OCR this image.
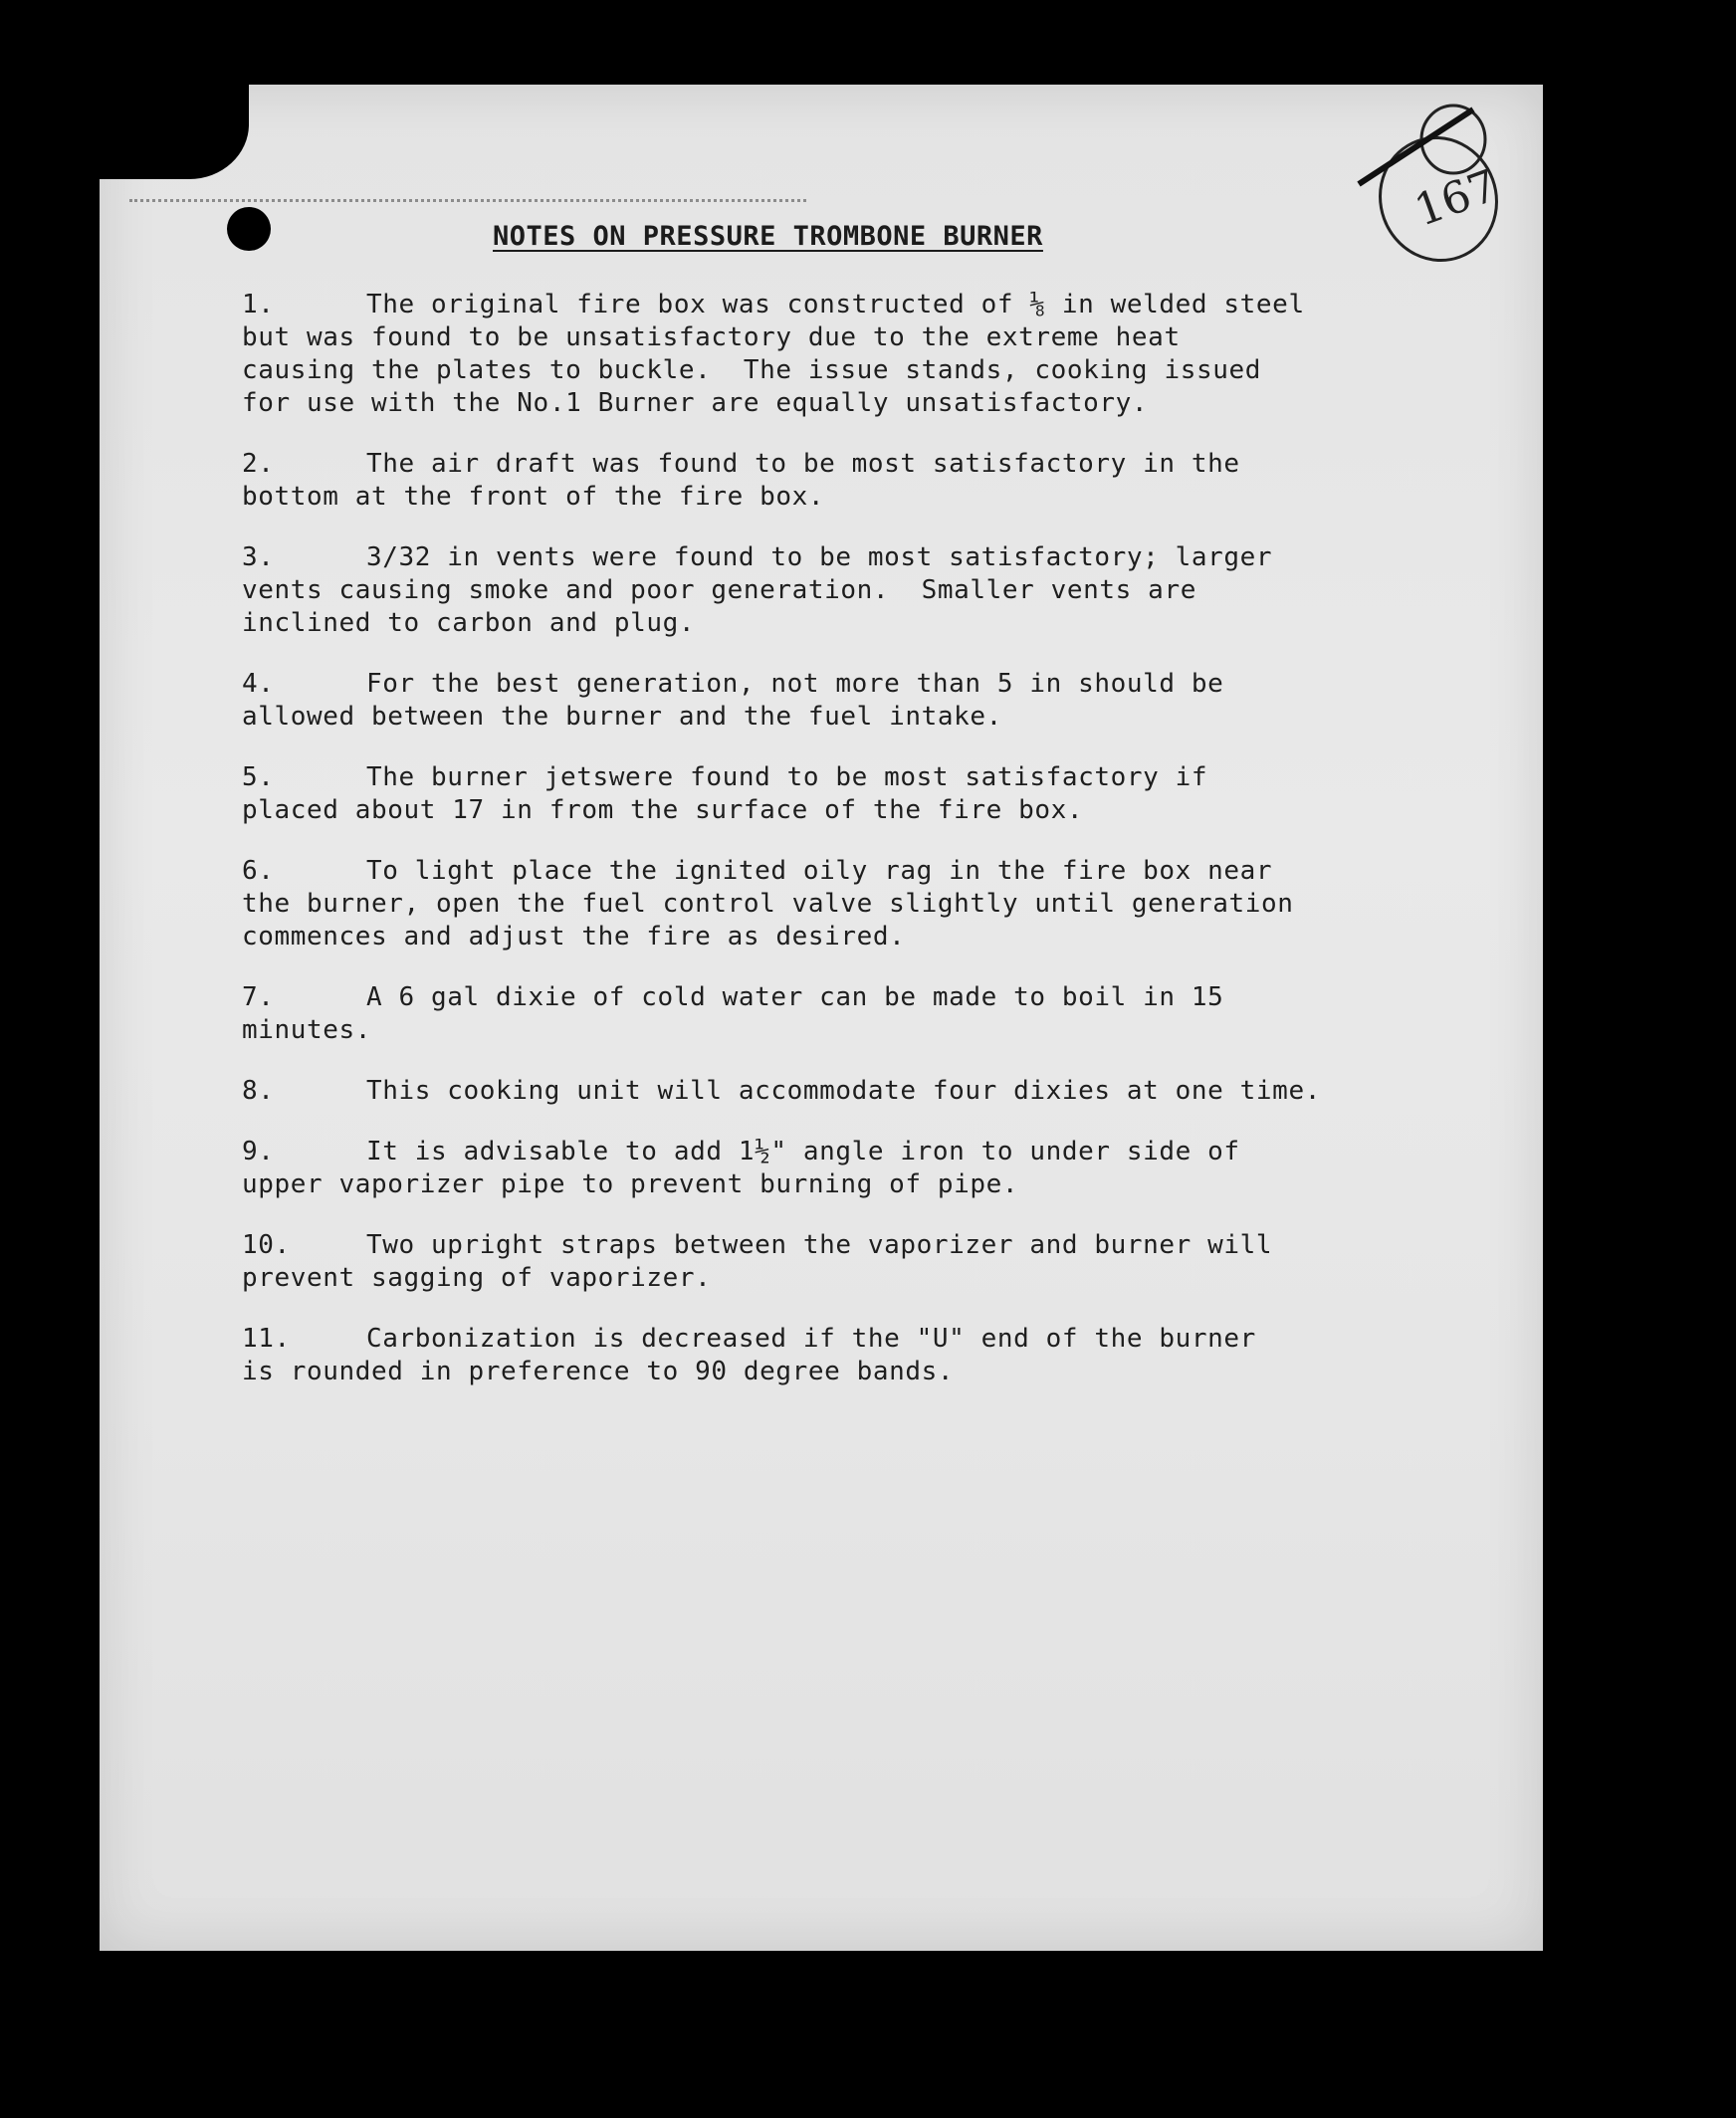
167
NOTES ON PRESSURE TROMBONE BURNER

1.	The original fire box was constructed of ⅛ in welded steel
but was found to be unsatisfactory due to the extreme heat
causing the plates to buckle.  The issue stands, cooking issued
for use with the No.1 Burner are equally unsatisfactory.

2.	The air draft was found to be most satisfactory in the
bottom at the front of the fire box.

3.	3/32 in vents were found to be most satisfactory; larger
vents causing smoke and poor generation.  Smaller vents are
inclined to carbon and plug.

4.	For the best generation, not more than 5 in should be
allowed between the burner and the fuel intake.

5.	The burner jetswere found to be most satisfactory if
placed about 17 in from the surface of the fire box.

6.	To light place the ignited oily rag in the fire box near
the burner, open the fuel control valve slightly until generation
commences and adjust the fire as desired.

7.	A 6 gal dixie of cold water can be made to boil in 15
minutes.

8.	This cooking unit will accommodate four dixies at one time.

9.	It is advisable to add 1½" angle iron to under side of
upper vaporizer pipe to prevent burning of pipe.

10.	Two upright straps between the vaporizer and burner will
prevent sagging of vaporizer.

11.	Carbonization is decreased if the "U" end of the burner
is rounded in preference to 90 degree bands.
